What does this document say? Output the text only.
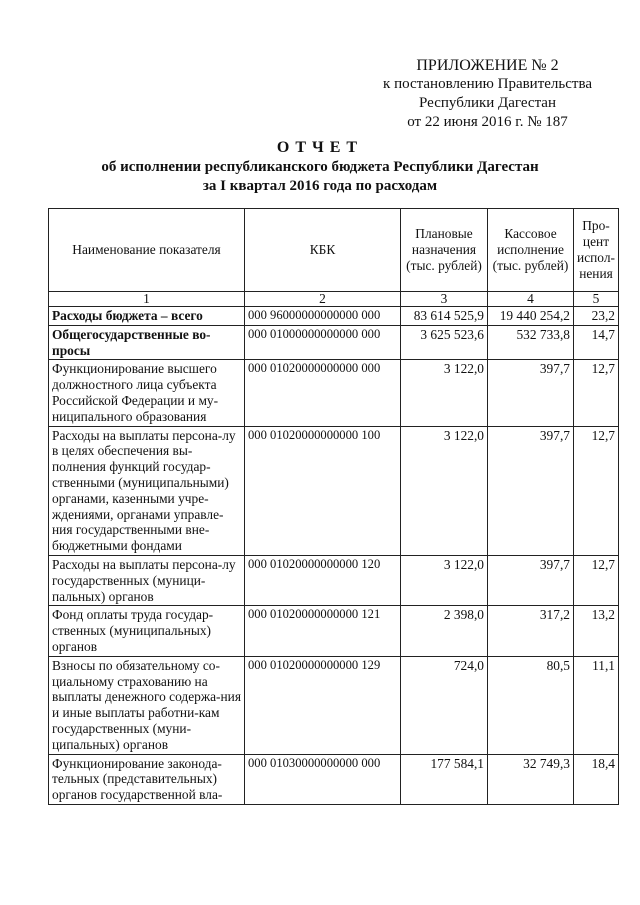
ПРИЛОЖЕНИЕ № 2
к постановлению Правительства
Республики Дагестан
от 22 июня 2016 г. № 187
ОТЧЕТ
об исполнении республиканского бюджета Республики Дагестан
за I квартал 2016 года по расходам
Наименование показателя	КБК	Плановые назначения (тыс. рублей)	Кассовое исполнение (тыс. рублей)	Про-цент испол-нения
1	2	3	4	5
Расходы бюджета – всего	000 96000000000000 000	83 614 525,9	19 440 254,2	23,2
Общегосударственные во-просы	000 01000000000000 000	3 625 523,6	532 733,8	14,7
Функционирование высшего должностного лица субъекта Российской Федерации и му-ниципального образования	000 01020000000000 000	3 122,0	397,7	12,7
Расходы на выплаты персона-лу в целях обеспечения вы-полнения функций государ-ственными (муниципальными) органами, казенными учре-ждениями, органами управле-ния государственными вне-бюджетными фондами	000 01020000000000 100	3 122,0	397,7	12,7
Расходы на выплаты персона-лу государственных (муници-пальных) органов	000 01020000000000 120	3 122,0	397,7	12,7
Фонд оплаты труда государ-ственных (муниципальных) органов	000 01020000000000 121	2 398,0	317,2	13,2
Взносы по обязательному со-циальному страхованию на выплаты денежного содержа-ния и иные выплаты работни-кам государственных (муни-ципальных) органов	000 01020000000000 129	724,0	80,5	11,1
Функционирование законода-тельных (представительных) органов государственной вла-	000 01030000000000 000	177 584,1	32 749,3	18,4
